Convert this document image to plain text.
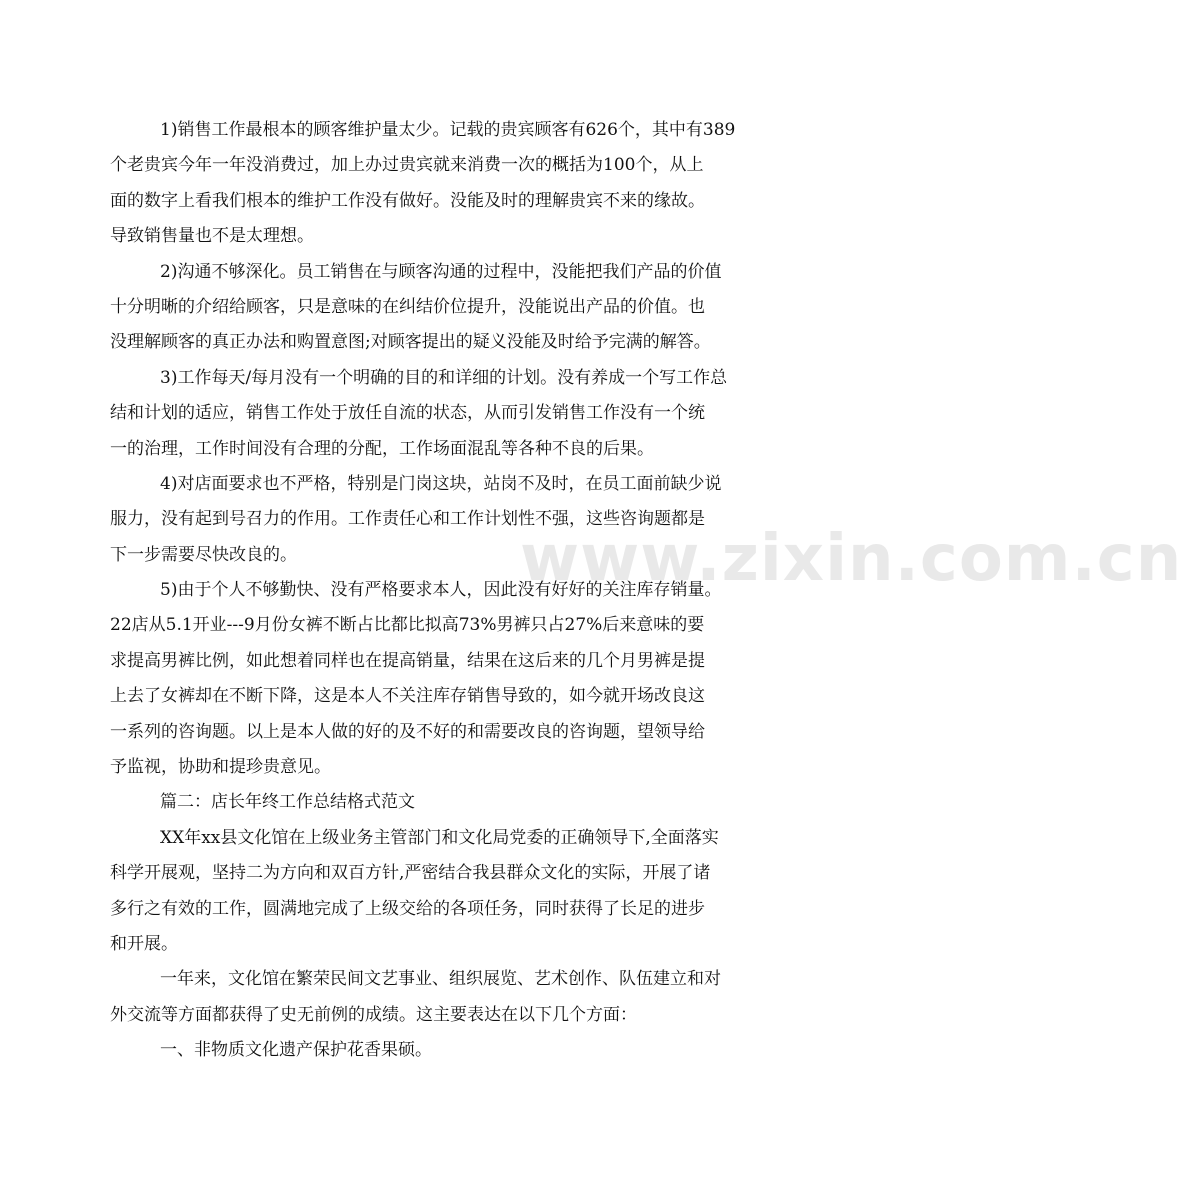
www.zixin.com.cn
1)销售工作最根本的顾客维护量太少。记载的贵宾顾客有626个，其中有389
个老贵宾今年一年没消费过，加上办过贵宾就来消费一次的概括为100个，从上
面的数字上看我们根本的维护工作没有做好。没能及时的理解贵宾不来的缘故。
导致销售量也不是太理想。
2)沟通不够深化。员工销售在与顾客沟通的过程中，没能把我们产品的价值
十分明晰的介绍给顾客，只是意味的在纠结价位提升，没能说出产品的价值。也
没理解顾客的真正办法和购置意图;对顾客提出的疑义没能及时给予完满的解答。
3)工作每天/每月没有一个明确的目的和详细的计划。没有养成一个写工作总
结和计划的适应，销售工作处于放任自流的状态，从而引发销售工作没有一个统
一的治理，工作时间没有合理的分配，工作场面混乱等各种不良的后果。
4)对店面要求也不严格，特别是门岗这块，站岗不及时，在员工面前缺少说
服力，没有起到号召力的作用。工作责任心和工作计划性不强，这些咨询题都是
下一步需要尽快改良的。
5)由于个人不够勤快、没有严格要求本人，因此没有好好的关注库存销量。
22店从5.1开业---9月份女裤不断占比都比拟高73%男裤只占27%后来意味的要
求提高男裤比例，如此想着同样也在提高销量，结果在这后来的几个月男裤是提
上去了女裤却在不断下降，这是本人不关注库存销售导致的，如今就开场改良这
一系列的咨询题。以上是本人做的好的及不好的和需要改良的咨询题，望领导给
予监视，协助和提珍贵意见。
篇二：店长年终工作总结格式范文
XX年xx县文化馆在上级业务主管部门和文化局党委的正确领导下,全面落实
科学开展观，坚持二为方向和双百方针,严密结合我县群众文化的实际，开展了诸
多行之有效的工作，圆满地完成了上级交给的各项任务，同时获得了长足的进步
和开展。
一年来，文化馆在繁荣民间文艺事业、组织展览、艺术创作、队伍建立和对
外交流等方面都获得了史无前例的成绩。这主要表达在以下几个方面：
一、非物质文化遗产保护花香果硕。
